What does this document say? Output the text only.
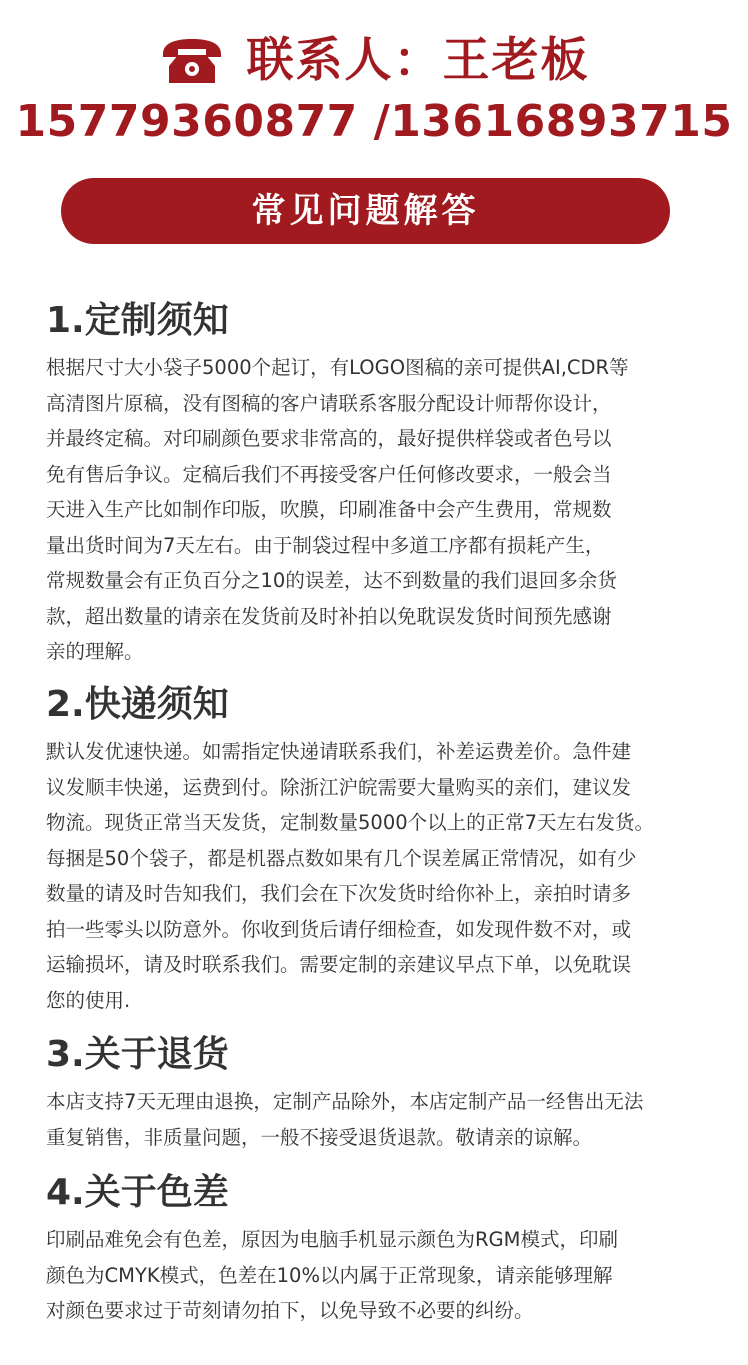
联系人：王老板
15779360877 /13616893715
常见问题解答
1.定制须知

根据尺寸大小袋子5000个起订，有LOGO图稿的亲可提供AI,CDR等
高清图片原稿，没有图稿的客户请联系客服分配设计师帮你设计，
并最终定稿。对印刷颜色要求非常高的，最好提供样袋或者色号以
免有售后争议。定稿后我们不再接受客户任何修改要求，一般会当
天进入生产比如制作印版，吹膜，印刷准备中会产生费用，常规数
量出货时间为7天左右。由于制袋过程中多道工序都有损耗产生，
常规数量会有正负百分之10的误差，达不到数量的我们退回多余货
款，超出数量的请亲在发货前及时补拍以免耽误发货时间预先感谢
亲的理解。

2.快递须知

默认发优速快递。如需指定快递请联系我们，补差运费差价。急件建
议发顺丰快递，运费到付。除浙江沪皖需要大量购买的亲们，建议发
物流。现货正常当天发货，定制数量5000个以上的正常7天左右发货。
每捆是50个袋子，都是机器点数如果有几个误差属正常情况，如有少
数量的请及时告知我们，我们会在下次发货时给你补上，亲拍时请多
拍一些零头以防意外。你收到货后请仔细检查，如发现件数不对，或
运输损坏，请及时联系我们。需要定制的亲建议早点下单，以免耽误
您的使用.

3.关于退货

本店支持7天无理由退换，定制产品除外，本店定制产品一经售出无法
重复销售，非质量问题，一般不接受退货退款。敬请亲的谅解。

4.关于色差

印刷品难免会有色差，原因为电脑手机显示颜色为RGM模式，印刷
颜色为CMYK模式，色差在10%以内属于正常现象，请亲能够理解
对颜色要求过于苛刻请勿拍下，以免导致不必要的纠纷。
